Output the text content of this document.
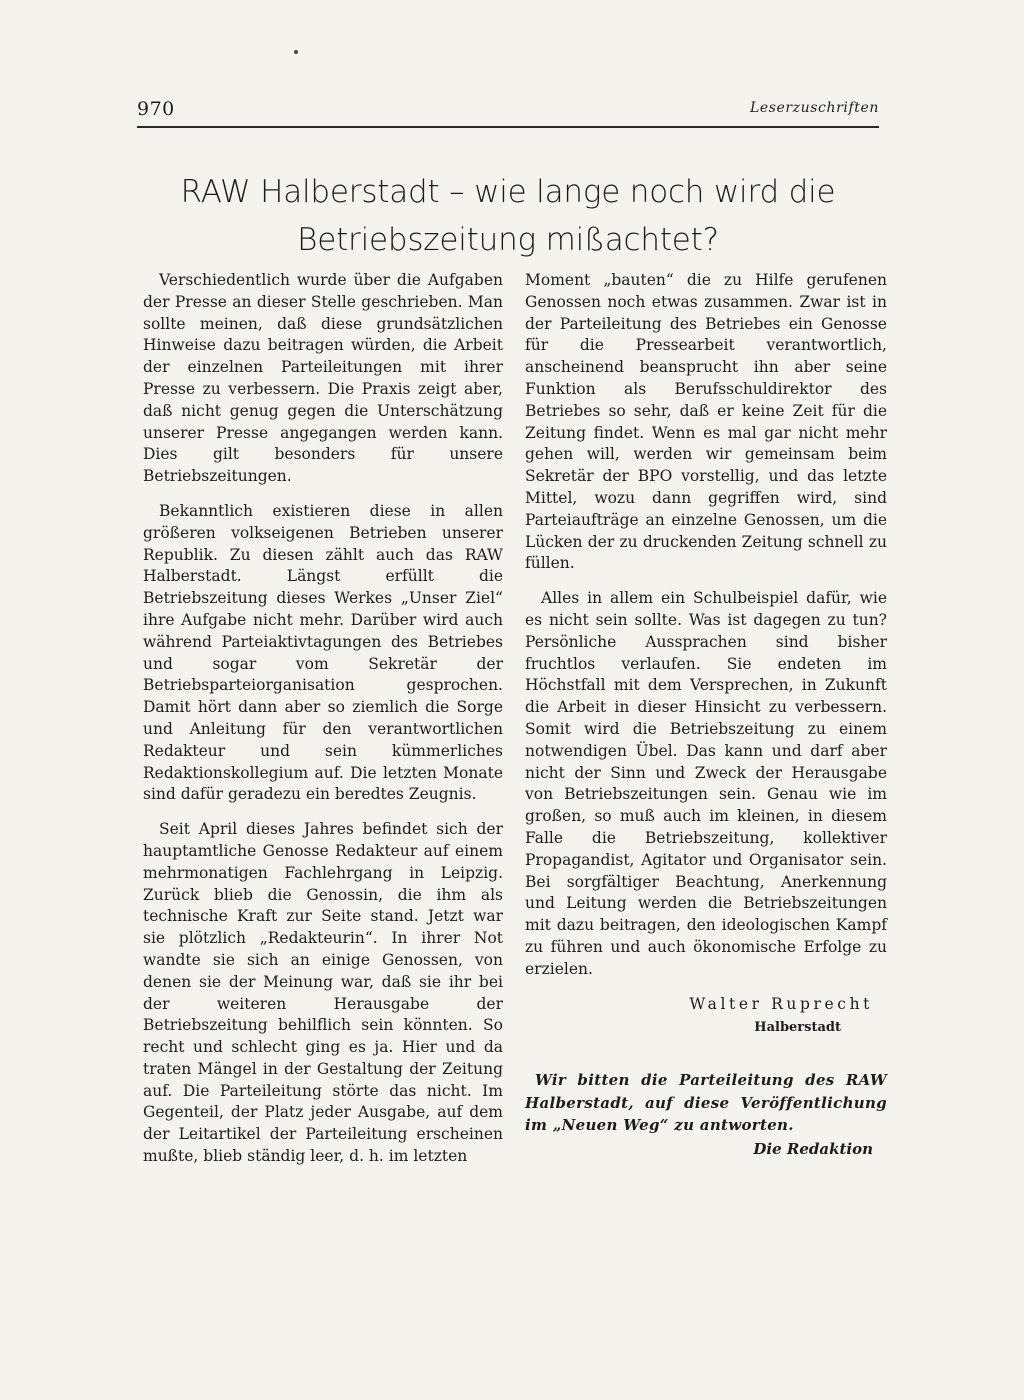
970	Leserzuschriften
RAW Halberstadt – wie lange noch wird die
Betriebszeitung mißachtet?

Verschiedentlich wurde über die Aufgaben der Presse an dieser Stelle geschrieben. Man sollte meinen, daß diese grundsätzlichen Hinweise dazu beitragen würden, die Arbeit der einzelnen Parteileitungen mit ihrer Presse zu verbessern. Die Praxis zeigt aber, daß nicht genug gegen die Unterschätzung unserer Presse angegangen werden kann. Dies gilt besonders für unsere Betriebszeitungen.

Bekanntlich existieren diese in allen größeren volkseigenen Betrieben unserer Republik. Zu diesen zählt auch das RAW Halberstadt. Längst erfüllt die Betriebszeitung dieses Werkes „Unser Ziel“ ihre Aufgabe nicht mehr. Darüber wird auch während Parteiaktivtagungen des Betriebes und sogar vom Sekretär der Betriebsparteiorganisation gesprochen. Damit hört dann aber so ziemlich die Sorge und Anleitung für den verantwortlichen Redakteur und sein kümmerliches Redaktionskollegium auf. Die letzten Monate sind dafür geradezu ein beredtes Zeugnis.

Seit April dieses Jahres befindet sich der hauptamtliche Genosse Redakteur auf einem mehrmonatigen Fachlehrgang in Leipzig. Zurück blieb die Genossin, die ihm als technische Kraft zur Seite stand. Jetzt war sie plötzlich „Redakteurin“. In ihrer Not wandte sie sich an einige Genossen, von denen sie der Meinung war, daß sie ihr bei der weiteren Herausgabe der Betriebszeitung behilflich sein könnten. So recht und schlecht ging es ja. Hier und da traten Mängel in der Gestaltung der Zeitung auf. Die Parteileitung störte das nicht. Im Gegenteil, der Platz jeder Ausgabe, auf dem der Leitartikel der Parteileitung erscheinen mußte, blieb ständig leer, d. h. im letzten

Moment „bauten“ die zu Hilfe gerufenen Genossen noch etwas zusammen. Zwar ist in der Parteileitung des Betriebes ein Genosse für die Pressearbeit verantwortlich, anscheinend beansprucht ihn aber seine Funktion als Berufsschuldirektor des Betriebes so sehr, daß er keine Zeit für die Zeitung findet. Wenn es mal gar nicht mehr gehen will, werden wir gemeinsam beim Sekretär der BPO vorstellig, und das letzte Mittel, wozu dann gegriffen wird, sind Parteiaufträge an einzelne Genossen, um die Lücken der zu druckenden Zeitung schnell zu füllen.

Alles in allem ein Schulbeispiel dafür, wie es nicht sein sollte. Was ist dagegen zu tun? Persönliche Aussprachen sind bisher fruchtlos verlaufen. Sie endeten im Höchstfall mit dem Versprechen, in Zukunft die Arbeit in dieser Hinsicht zu verbessern. Somit wird die Betriebszeitung zu einem notwendigen Übel. Das kann und darf aber nicht der Sinn und Zweck der Herausgabe von Betriebszeitungen sein. Genau wie im großen, so muß auch im kleinen, in diesem Falle die Betriebszeitung, kollektiver Propagandist, Agitator und Organisator sein. Bei sorgfältiger Beachtung, Anerkennung und Leitung werden die Betriebszeitungen mit dazu beitragen, den ideologischen Kampf zu führen und auch ökonomische Erfolge zu erzielen.

Walter Ruprecht
Halberstadt
Wir bitten die Parteileitung des RAW Halberstadt, auf diese Veröffentlichung im „Neuen Weg“ zu antworten.
Die Redaktion
